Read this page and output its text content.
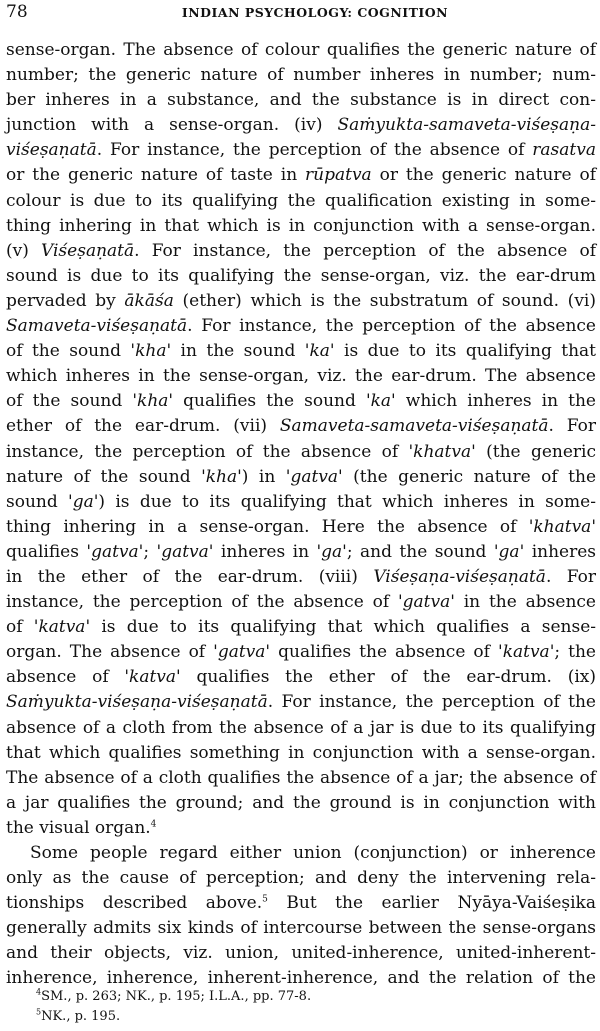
78	INDIAN PSYCHOLOGY: COGNITION

sense-organ. The absence of colour qualifies the generic nature of
number; the generic nature of number inheres in number; num-
ber inheres in a substance, and the substance is in direct con-
junction with a sense-organ. (iv) Saṁyukta-samaveta-viśeṣaṇa-
viśeṣaṇatā. For instance, the perception of the absence of rasatva
or the generic nature of taste in rūpatva or the generic nature of
colour is due to its qualifying the qualification existing in some-
thing inhering in that which is in conjunction with a sense-organ.
(v) Viśeṣaṇatā. For instance, the perception of the absence of
sound is due to its qualifying the sense-organ, viz. the ear-drum
pervaded by ākāśa (ether) which is the substratum of sound. (vi)
Samaveta-viśeṣaṇatā. For instance, the perception of the absence
of the sound 'kha' in the sound 'ka' is due to its qualifying that
which inheres in the sense-organ, viz. the ear-drum. The absence
of the sound 'kha' qualifies the sound 'ka' which inheres in the
ether of the ear-drum. (vii) Samaveta-samaveta-viśeṣaṇatā. For
instance, the perception of the absence of 'khatva' (the generic
nature of the sound 'kha') in 'gatva' (the generic nature of the
sound 'ga') is due to its qualifying that which inheres in some-
thing inhering in a sense-organ. Here the absence of 'khatva'
qualifies 'gatva'; 'gatva' inheres in 'ga'; and the sound 'ga' inheres
in the ether of the ear-drum. (viii) Viśeṣaṇa-viśeṣaṇatā. For
instance, the perception of the absence of 'gatva' in the absence
of 'katva' is due to its qualifying that which qualifies a sense-
organ. The absence of 'gatva' qualifies the absence of 'katva'; the
absence of 'katva' qualifies the ether of the ear-drum. (ix)
Saṁyukta-viśeṣaṇa-viśeṣaṇatā. For instance, the perception of the
absence of a cloth from the absence of a jar is due to its qualifying
that which qualifies something in conjunction with a sense-organ.
The absence of a cloth qualifies the absence of a jar; the absence of
a jar qualifies the ground; and the ground is in conjunction with
the visual organ.$^4$

Some people regard either union (conjunction) or inherence
only as the cause of perception; and deny the intervening rela-
tionships described above.$^5$ But the earlier Nyāya-Vaiśeṣika
generally admits six kinds of intercourse between the sense-organs
and their objects, viz. union, united-inherence, united-inherent-
inherence, inherence, inherent-inherence, and the relation of the

$^4$SM., p. 263; NK., p. 195; I.L.A., pp. 77-8.
$^5$NK., p. 195.
